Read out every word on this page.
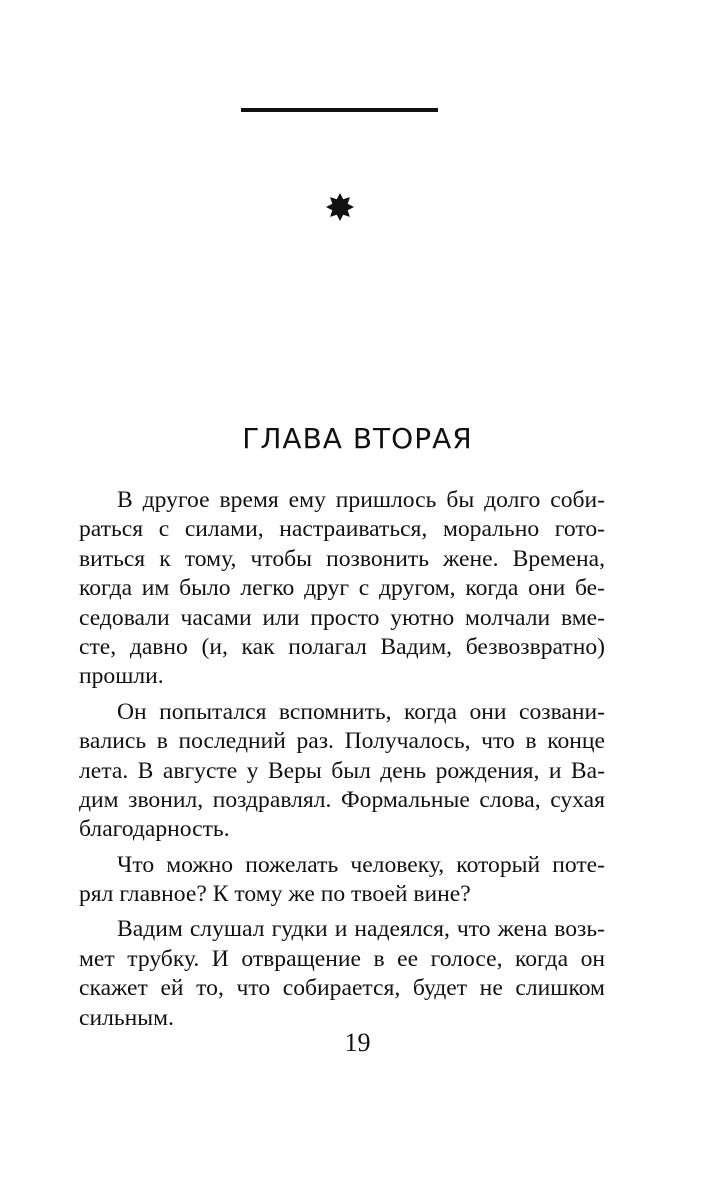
ГЛАВА ВТОРАЯ

В другое время ему пришлось бы долго соби-
раться с силами, настраиваться, морально гото-
виться к тому, чтобы позвонить жене. Времена,
когда им было легко друг с другом, когда они бе-
седовали часами или просто уютно молчали вме-
сте, давно (и, как полагал Вадим, безвозвратно)
прошли.

Он попытался вспомнить, когда они созвани-
вались в последний раз. Получалось, что в конце
лета. В августе у Веры был день рождения, и Ва-
дим звонил, поздравлял. Формальные слова, сухая
благодарность.

Что можно пожелать человеку, который поте-
рял главное? К тому же по твоей вине?

Вадим слушал гудки и надеялся, что жена возь-
мет трубку. И отвращение в ее голосе, когда он
скажет ей то, что собирается, будет не слишком
сильным.

19
